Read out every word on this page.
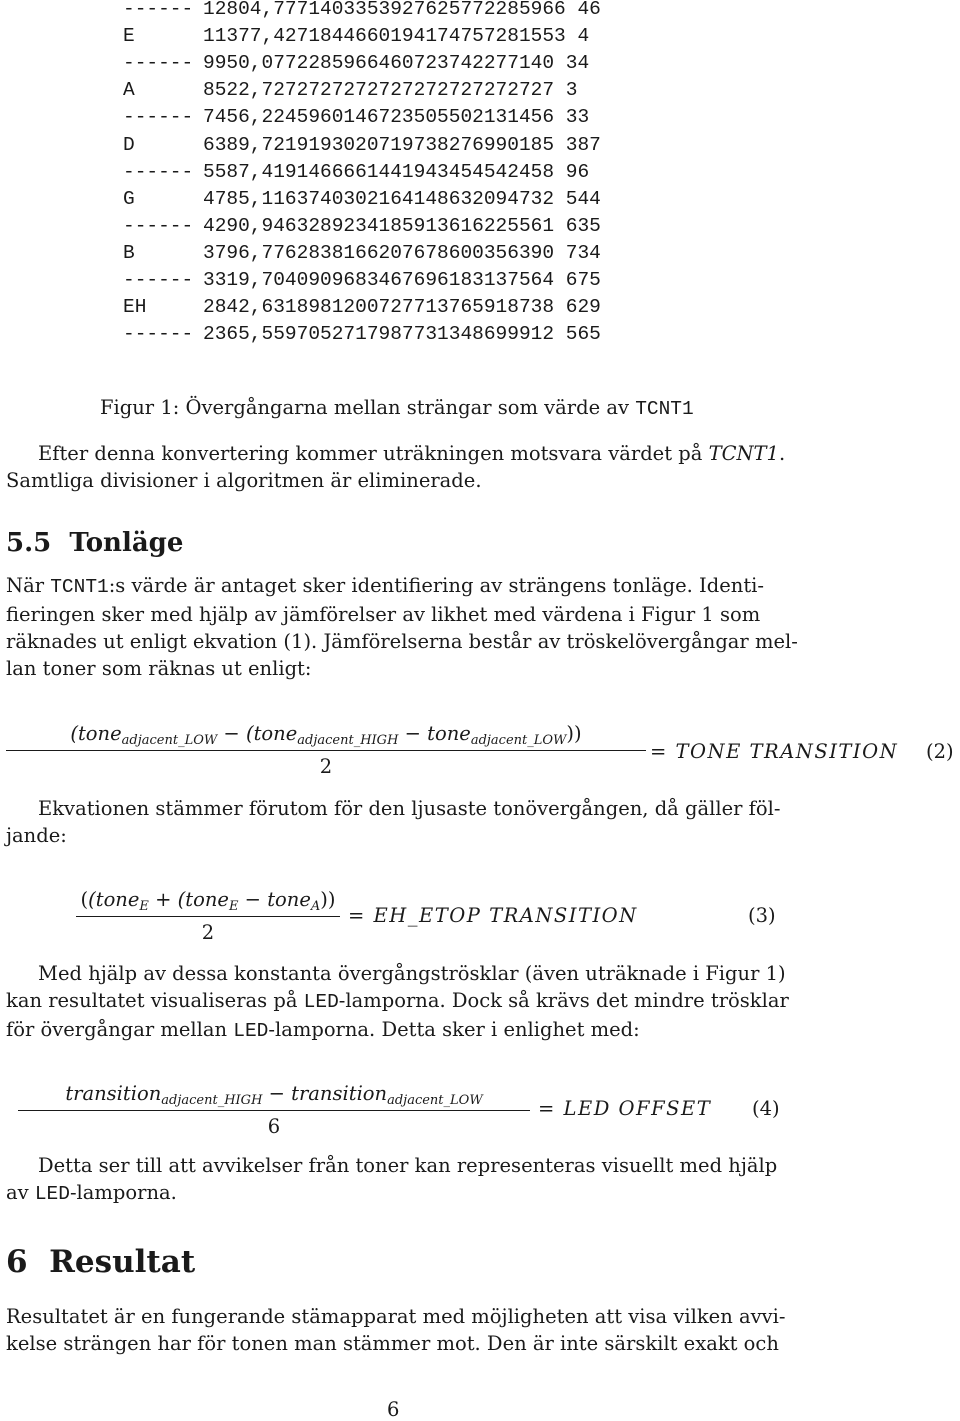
------ 12804,7771403353927625772285966 46
E	11377,4271844660194174757281553 4
------ 9950,0772285966460723742277140 34
A	8522,7272727272727272727272727 3
------ 7456,2245960146723505502131456 33
D	6389,7219193020719738276990185 387
------ 5587,4191466661441943454542458 96
G	4785,1163740302164148632094732 544
------ 4290,9463289234185913616225561 635
B	3796,7762838166207678600356390 734
------ 3319,7040909683467696183137564 675
EH	2842,6318981200727713765918738 629
------ 2365,5597052717987731348699912 565
Figur 1: Övergångarna mellan strängar som värde av TCNT1
Efter denna konvertering kommer uträkningen motsvara värdet på TCNT1.
Samtliga divisioner i algoritmen är eliminerade.
5.5 Tonläge
När TCNT1:s värde är antaget sker identifiering av strängens tonläge. Identi-
fieringen sker med hjälp av jämförelser av likhet med värdena i Figur 1 som
räknades ut enligt ekvation (1). Jämförelserna består av tröskelövergångar mel-
lan toner som räknas ut enligt:
(tone$_{adjacent\_LOW}$ − (tone$_{adjacent\_HIGH}$ − tone$_{adjacent\_LOW}$))
2
= TONE TRANSITION (2)
Ekvationen stämmer förutom för den ljusaste tonövergången, då gäller föl-
jande:
((tone$_E$ + (tone$_E$ − tone$_A$))
2
= EH_ETOP TRANSITION	(3)
Med hjälp av dessa konstanta övergångströsklar (även uträknade i Figur 1)
kan resultatet visualiseras på LED-lamporna. Dock så krävs det mindre trösklar
för övergångar mellan LED-lamporna. Detta sker i enlighet med:
transition$_{adjacent\_HIGH}$ − transition$_{adjacent\_LOW}$
6
= LED OFFSET (4)
Detta ser till att avvikelser från toner kan representeras visuellt med hjälp
av LED-lamporna.
6 Resultat
Resultatet är en fungerande stämapparat med möjligheten att visa vilken avvi-
kelse strängen har för tonen man stämmer mot. Den är inte särskilt exakt och
6
